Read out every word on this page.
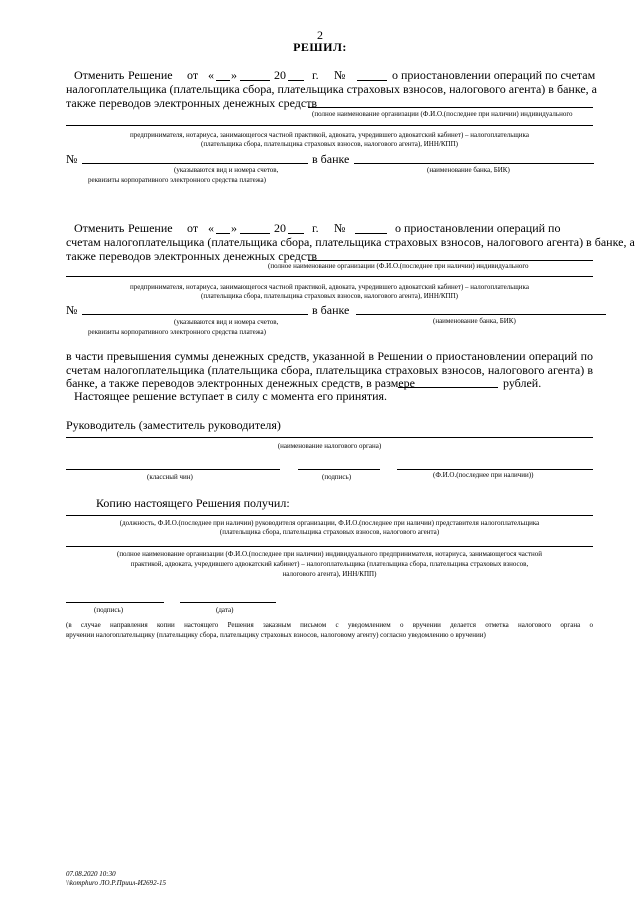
2
РЕШИЛ:
Отменить Решение от « »	20 г. №	о приостановлении операций по счетам
налогоплательщика (плательщика сбора, плательщика страховых взносов, налогового агента) в банке, а
также переводов электронных денежных средств
(полное наименование организации (Ф.И.О.(последнее при наличии) индивидуального
предпринимателя, нотариуса, занимающегося частной практикой, адвоката, учредившего адвокатский кабинет) – налогоплательщика
(плательщика сбора, плательщика страховых взносов, налогового агента), ИНН/КПП)
№	в банке
(указываются вид и номера счетов,
реквизиты корпоративного электронного средства платежа)
(наименование банка, БИК)
Отменить Решение от « »	20 г. №	о приостановлении операций по
счетам налогоплательщика (плательщика сбора, плательщика страховых взносов, налогового агента) в банке, а
также переводов электронных денежных средств
(полное наименование организации (Ф.И.О.(последнее при наличии) индивидуального
предпринимателя, нотариуса, занимающегося частной практикой, адвоката, учредившего адвокатский кабинет) – налогоплательщика
(плательщика сбора, плательщика страховых взносов, налогового агента), ИНН/КПП)
№	в банке
(указываются вид и номера счетов,
реквизиты корпоративного электронного средства платежа)
(наименование банка, БИК)
в части превышения суммы денежных средств, указанной в Решении о приостановлении операций по
счетам налогоплательщика (плательщика сбора, плательщика страховых взносов, налогового агента) в
банке, а также переводов электронных денежных средств, в размере	рублей.
Настоящее решение вступает в силу с момента его принятия.
Руководитель (заместитель руководителя)
(наименование налогового органа)
(классный чин)	(подпись)	(Ф.И.О.(последнее при наличии))
Копию настоящего Решения получил:
(должность, Ф.И.О.(последнее при наличии) руководителя организации, Ф.И.О.(последнее при наличии) представителя налогоплательщика
(плательщика сбора, плательщика страховых взносов, налогового агента)
(полное наименование организации (Ф.И.О.(последнее при наличии) индивидуального предпринимателя, нотариуса, занимающегося частной
практикой, адвоката, учредившего адвокатский кабинет) – налогоплательщика (плательщика сбора, плательщика страховых взносов,
налогового агента), ИНН/КПП)
(подпись)	(дата)
(в случае направления копии настоящего Решения заказным письмом с уведомлением о вручении делается отметка налогового органа о
вручении налогоплательщику (плательщику сбора, плательщику страховых взносов, налоговому агенту) согласно уведомлению о вручении)
07.08.2020 10:30
\\komphuro ЛО.Р.Приил-И2692-15
